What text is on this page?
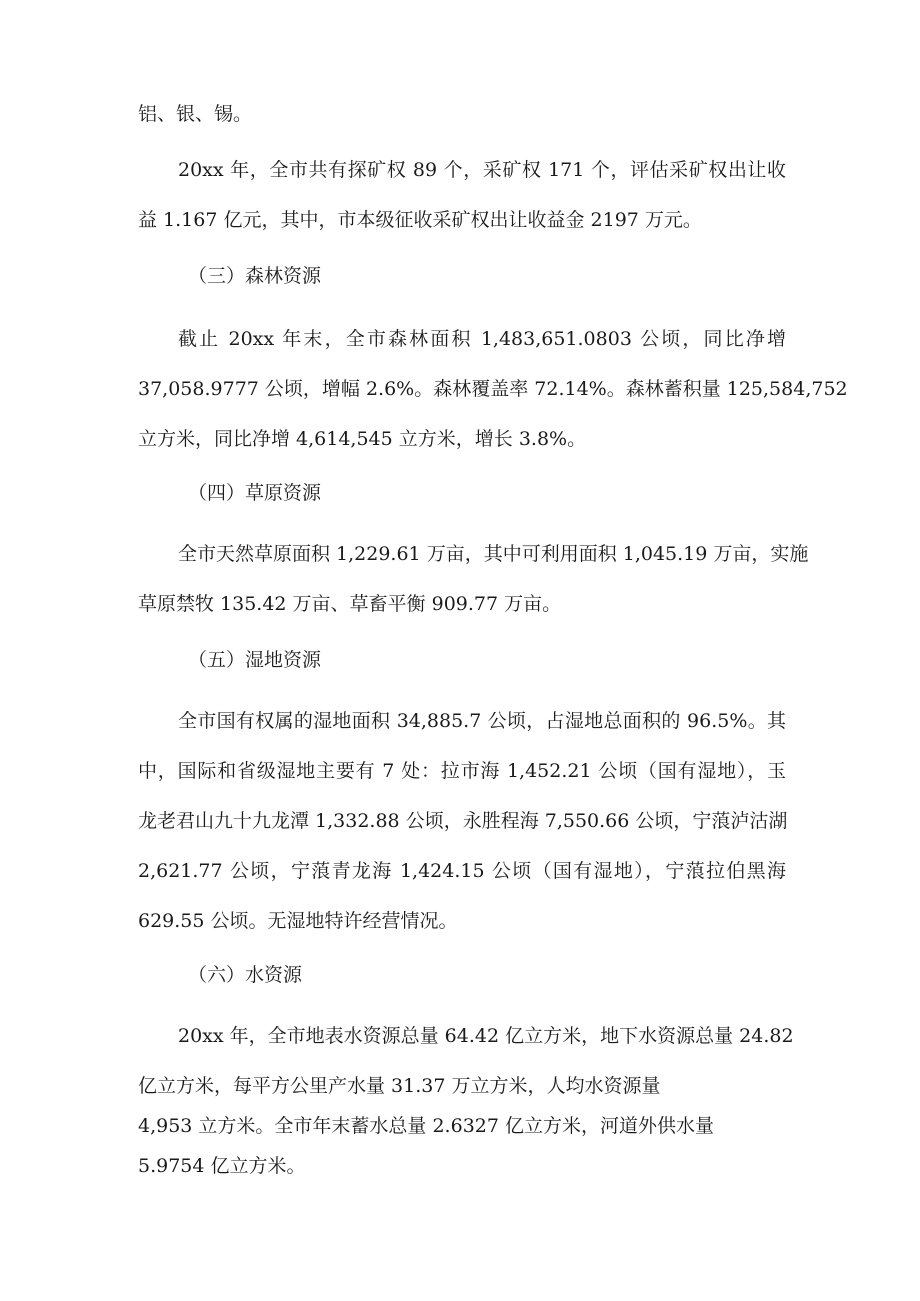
铝、银、锡。
20xx 年，全市共有探矿权 89 个，采矿权 171 个，评估采矿权出让收
益 1.167 亿元，其中，市本级征收采矿权出让收益金 2197 万元。
（三）森林资源
截止 20xx 年末，全市森林面积 1,483,651.0803 公顷，同比净增
37,058.9777 公顷，增幅 2.6%。森林覆盖率 72.14%。森林蓄积量 125,584,752
立方米，同比净增 4,614,545 立方米，增长 3.8%。
（四）草原资源
全市天然草原面积 1,229.61 万亩，其中可利用面积 1,045.19 万亩，实施
草原禁牧 135.42 万亩、草畜平衡 909.77 万亩。
（五）湿地资源
全市国有权属的湿地面积 34,885.7 公顷，占湿地总面积的 96.5%。其
中，国际和省级湿地主要有 7 处：拉市海 1,452.21 公顷（国有湿地），玉
龙老君山九十九龙潭 1,332.88 公顷，永胜程海 7,550.66 公顷，宁蒗泸沽湖
2,621.77 公顷，宁蒗青龙海 1,424.15 公顷（国有湿地），宁蒗拉伯黑海
629.55 公顷。无湿地特许经营情况。
（六）水资源
20xx 年，全市地表水资源总量 64.42 亿立方米，地下水资源总量 24.82
亿立方米，每平方公里产水量 31.37 万立方米，人均水资源量
4,953 立方米。全市年末蓄水总量 2.6327 亿立方米，河道外供水量
5.9754 亿立方米。
